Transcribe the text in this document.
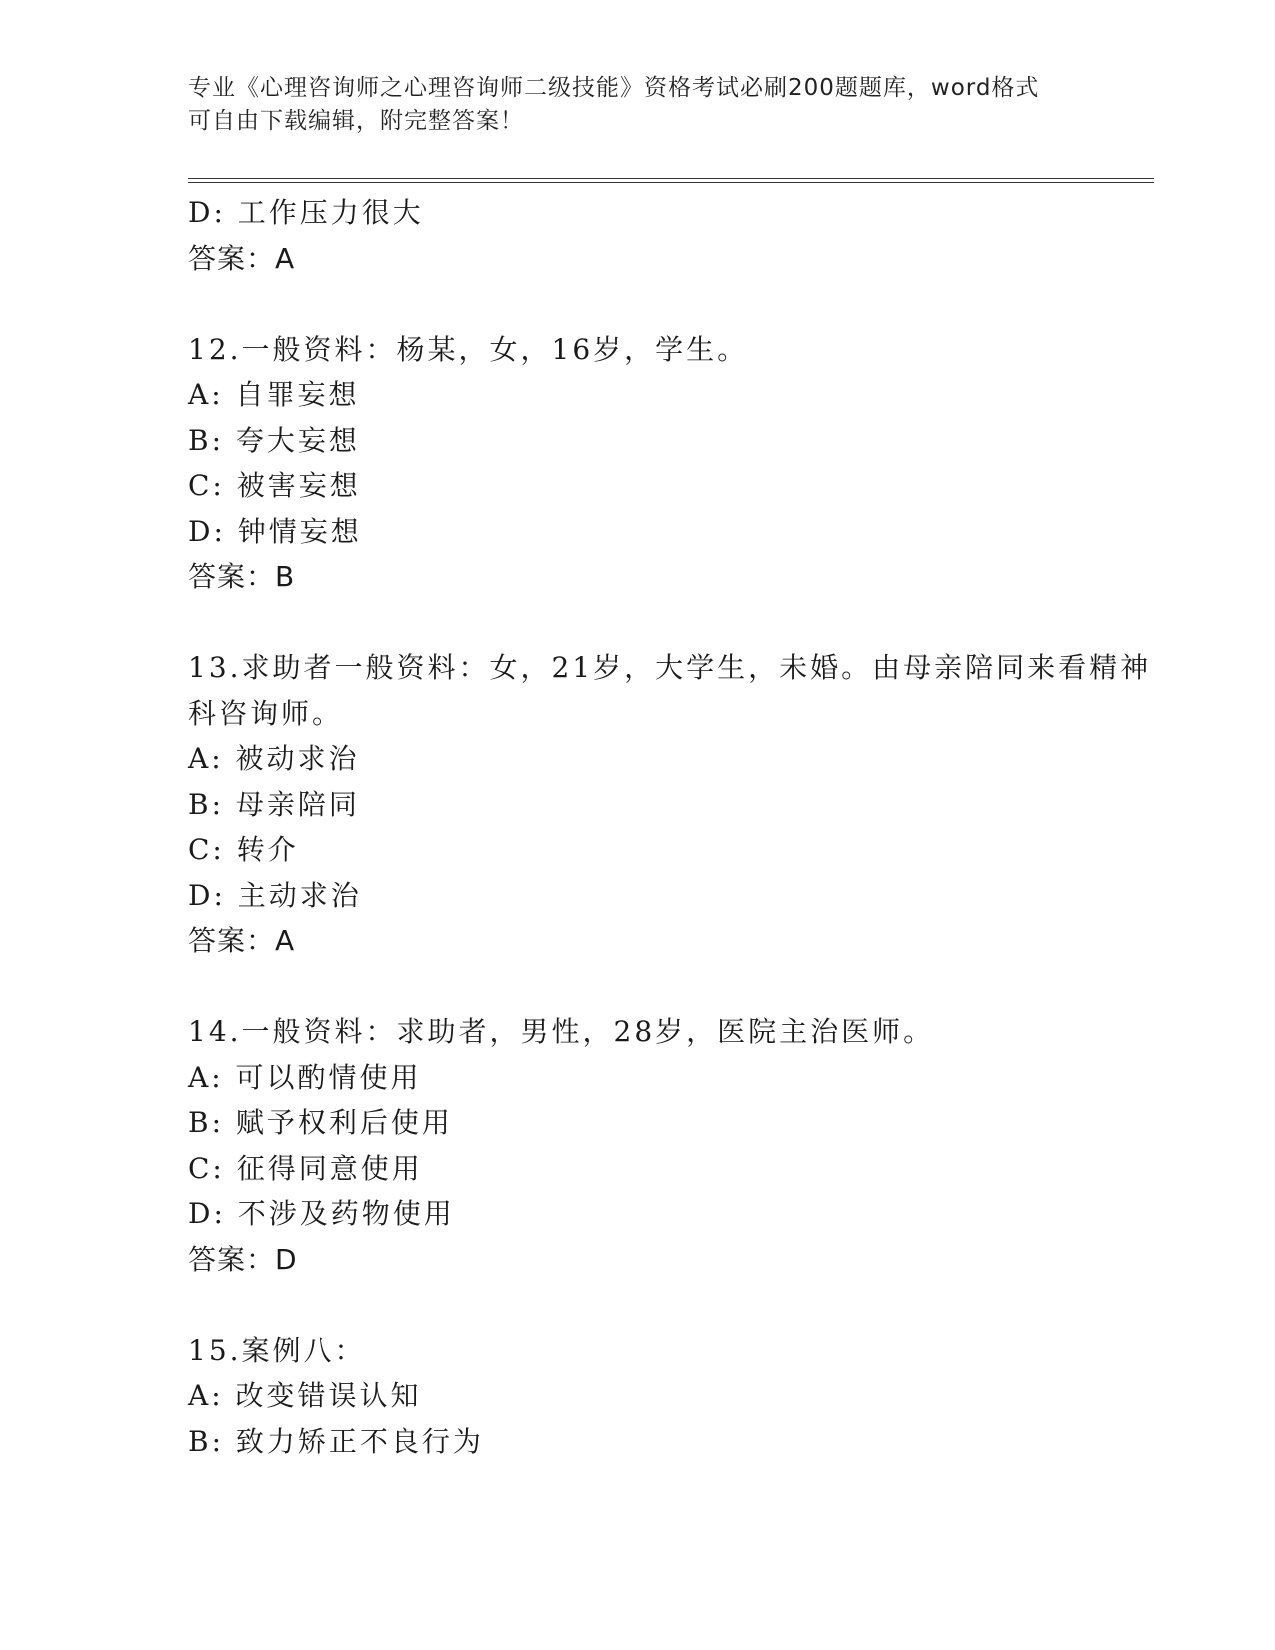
专业《心理咨询师之心理咨询师二级技能》资格考试必刷200题题库，word格式
可自由下载编辑，附完整答案！
D: 工作压力很大
答案：A
12.一般资料：杨某，女，16岁，学生。
A: 自罪妄想
B: 夸大妄想
C: 被害妄想
D: 钟情妄想
答案：B
13.求助者一般资料：女，21岁，大学生，未婚。由母亲陪同来看精神
科咨询师。
A: 被动求治
B: 母亲陪同
C: 转介
D: 主动求治
答案：A
14.一般资料：求助者，男性，28岁，医院主治医师。
A: 可以酌情使用
B: 赋予权利后使用
C: 征得同意使用
D: 不涉及药物使用
答案：D
15.案例八：
A: 改变错误认知
B: 致力矫正不良行为
